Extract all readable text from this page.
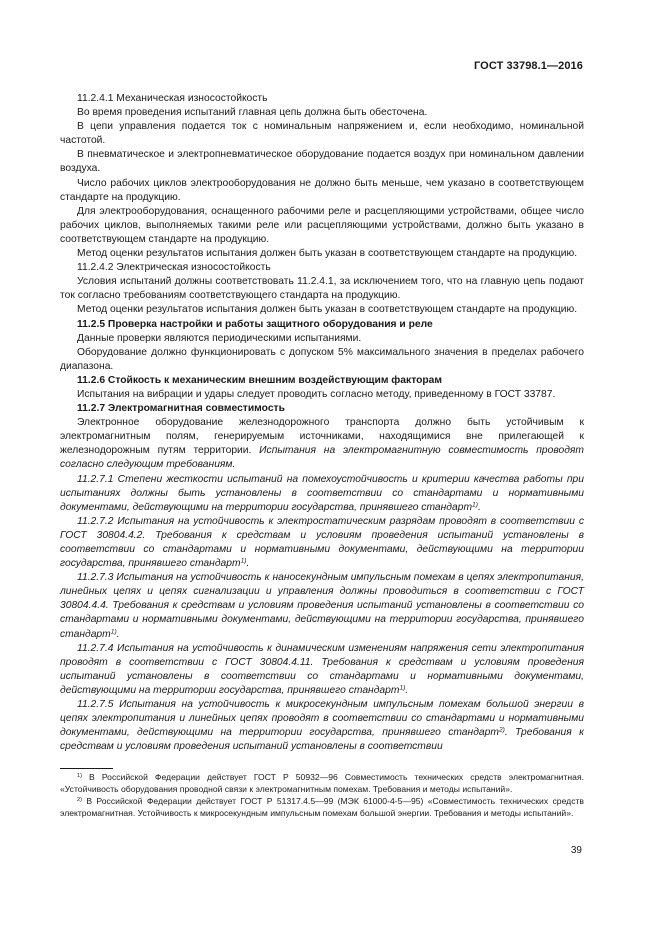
ГОСТ 33798.1—2016

11.2.4.1 Механическая износостойкость

Во время проведения испытаний главная цепь должна быть обесточена.

В цепи управления подается ток с номинальным напряжением и, если необходимо, номинальной частотой.

В пневматическое и электропневматическое оборудование подается воздух при номинальном давлении воздуха.

Число рабочих циклов электрооборудования не должно быть меньше, чем указано в соответствующем стандарте на продукцию.

Для электрооборудования, оснащенного рабочими реле и расцепляющими устройствами, общее число рабочих циклов, выполняемых такими реле или расцепляющими устройствами, должно быть указано в соответствующем стандарте на продукцию.

Метод оценки результатов испытания должен быть указан в соответствующем стандарте на продукцию.

11.2.4.2 Электрическая износостойкость

Условия испытаний должны соответствовать 11.2.4.1, за исключением того, что на главную цепь подают ток согласно требованиям соответствующего стандарта на продукцию.

Метод оценки результатов испытания должен быть указан в соответствующем стандарте на продукцию.

11.2.5 Проверка настройки и работы защитного оборудования и реле

Данные проверки являются периодическими испытаниями.

Оборудование должно функционировать с допуском 5% максимального значения в пределах рабочего диапазона.

11.2.6 Стойкость к механическим внешним воздействующим факторам

Испытания на вибрации и удары следует проводить согласно методу, приведенному в ГОСТ 33787.

11.2.7 Электромагнитная совместимость

Электронное оборудование железнодорожного транспорта должно быть устойчивым к электромагнитным полям, генерируемым источниками, находящимися вне прилегающей к железнодорожным путям территории. Испытания на электромагнитную совместимость проводят согласно следующим требованиям.

11.2.7.1 Степени жесткости испытаний на помехоустойчивость и критерии качества работы при испытаниях должны быть установлены в соответствии со стандартами и нормативными документами, действующими на территории государства, принявшего стандарт$^{1)}$.

11.2.7.2 Испытания на устойчивость к электростатическим разрядам проводят в соответствии с ГОСТ 30804.4.2. Требования к средствам и условиям проведения испытаний установлены в соответствии со стандартами и нормативными документами, действующими на территории государства, принявшего стандарт$^{1)}$.

11.2.7.3 Испытания на устойчивость к наносекундным импульсным помехам в цепях электропитания, линейных цепях и цепях сигнализации и управления должны проводиться в соответствии с ГОСТ 30804.4.4. Требования к средствам и условиям проведения испытаний установлены в соответствии со стандартами и нормативными документами, действующими на территории государства, принявшего стандарт$^{1)}$.

11.2.7.4 Испытания на устойчивость к динамическим изменениям напряжения сети электропитания проводят в соответствии с ГОСТ 30804.4.11. Требования к средствам и условиям проведения испытаний установлены в соответствии со стандартами и нормативными документами, действующими на территории государства, принявшего стандарт$^{1)}$.

11.2.7.5 Испытания на устойчивость к микросекундным импульсным помехам большой энергии в цепях электропитания и линейных цепях проводят в соответствии со стандартами и нормативными документами, действующими на территории государства, принявшего стандарт$^{2)}$. Требования к средствам и условиям проведения испытаний установлены в соответствии

$^{1)}$ В Российской Федерации действует ГОСТ Р 50932—96 Совместимость технических средств электромагнитная. «Устойчивость оборудования проводной связи к электромагнитным помехам. Требования и методы испытаний».

$^{2)}$ В Российской Федерации действует ГОСТ Р 51317.4.5—99 (МЭК 61000-4-5—95) «Совместимость технических средств электромагнитная. Устойчивость к микросекундным импульсным помехам большой энергии. Требования и методы испытаний».

39
